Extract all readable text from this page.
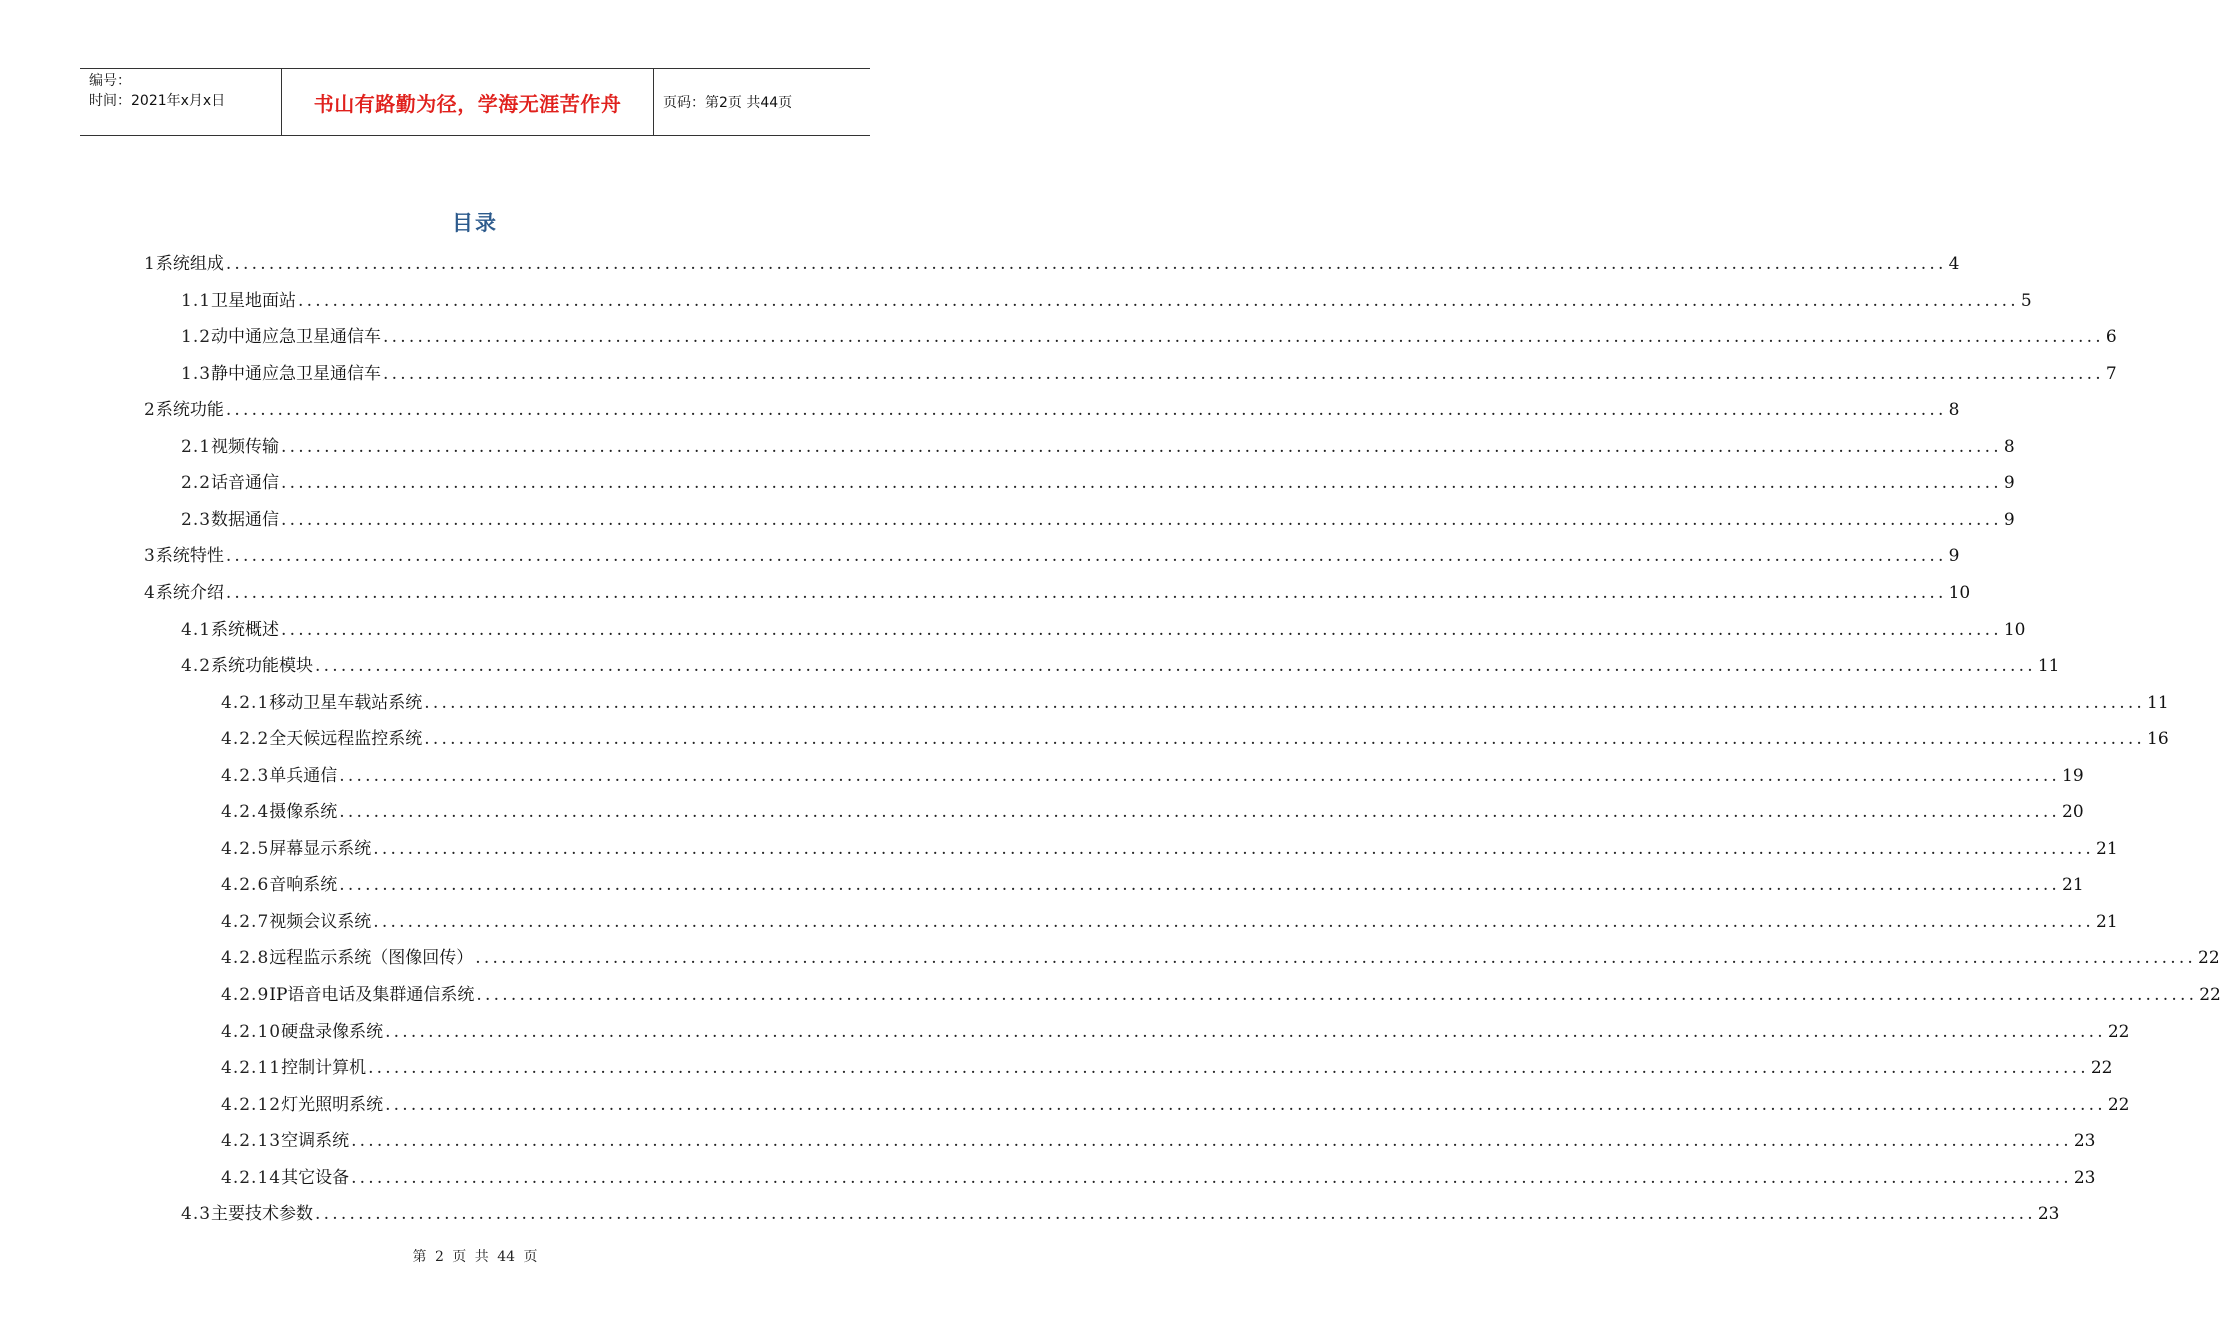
编号：
时间：2021年x月x日	书山有路勤为径，学海无涯苦作舟	页码：第2页 共44页
目录
1 系统组成 ........................................................................................................................................................................................................ 4
1.1 卫星地面站 ........................................................................................................................................................................................................ 5
1.2 动中通应急卫星通信车 ........................................................................................................................................................................................................ 6
1.3 静中通应急卫星通信车 ........................................................................................................................................................................................................ 7
2 系统功能 ........................................................................................................................................................................................................ 8
2.1 视频传输 ........................................................................................................................................................................................................ 8
2.2 话音通信 ........................................................................................................................................................................................................ 9
2.3 数据通信 ........................................................................................................................................................................................................ 9
3 系统特性 ........................................................................................................................................................................................................ 9
4 系统介绍 ........................................................................................................................................................................................................ 10
4.1 系统概述 ........................................................................................................................................................................................................ 10
4.2 系统功能模块 ........................................................................................................................................................................................................ 11
4.2.1 移动卫星车载站系统 ........................................................................................................................................................................................................ 11
4.2.2 全天候远程监控系统 ........................................................................................................................................................................................................ 16
4.2.3 单兵通信 ........................................................................................................................................................................................................ 19
4.2.4 摄像系统 ........................................................................................................................................................................................................ 20
4.2.5 屏幕显示系统 ........................................................................................................................................................................................................ 21
4.2.6 音响系统 ........................................................................................................................................................................................................ 21
4.2.7 视频会议系统 ........................................................................................................................................................................................................ 21
4.2.8 远程监示系统（图像回传） ........................................................................................................................................................................................................ 22
4.2.9 IP语音电话及集群通信系统 ........................................................................................................................................................................................................ 22
4.2.10 硬盘录像系统 ........................................................................................................................................................................................................ 22
4.2.11 控制计算机 ........................................................................................................................................................................................................ 22
4.2.12 灯光照明系统 ........................................................................................................................................................................................................ 22
4.2.13 空调系统 ........................................................................................................................................................................................................ 23
4.2.14 其它设备 ........................................................................................................................................................................................................ 23
4.3 主要技术参数 ........................................................................................................................................................................................................ 23
第 2 页 共 44 页
